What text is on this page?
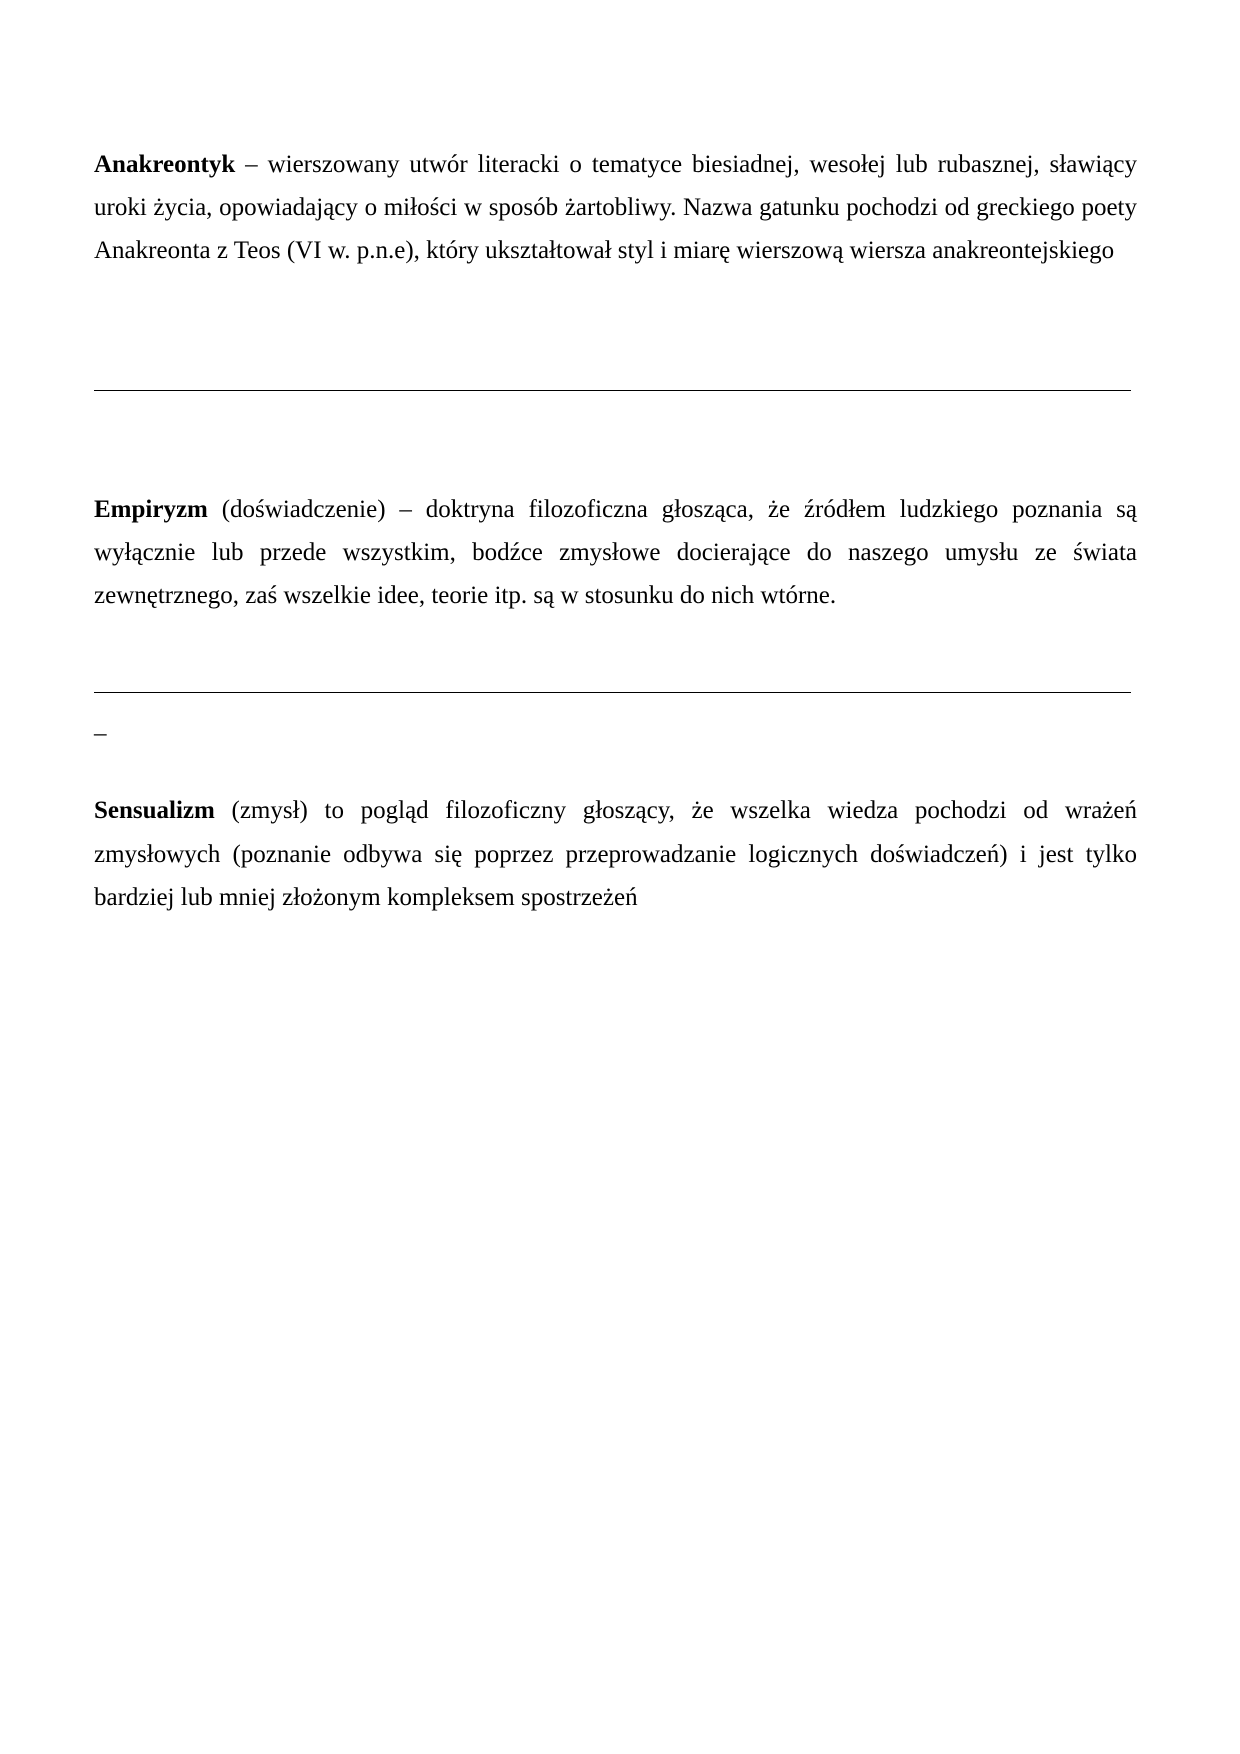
Anakreontyk – wierszowany utwór literacki o tematyce biesiadnej, wesołej lub rubasznej, sławiący
uroki życia, opowiadający o miłości w sposób żartobliwy. Nazwa gatunku pochodzi od greckiego poety
Anakreonta z Teos (VI w. p.n.e), który ukształtował styl i miarę wierszową wiersza anakreontejskiego
Empiryzm (doświadczenie) – doktryna filozoficzna głosząca, że źródłem ludzkiego poznania są
wyłącznie lub przede wszystkim, bodźce zmysłowe docierające do naszego umysłu ze świata
zewnętrznego, zaś wszelkie idee, teorie itp. są w stosunku do nich wtórne.
_
Sensualizm (zmysł) to pogląd filozoficzny głoszący, że wszelka wiedza pochodzi od wrażeń
zmysłowych (poznanie odbywa się poprzez przeprowadzanie logicznych doświadczeń) i jest tylko
bardziej lub mniej złożonym kompleksem spostrzeżeń
